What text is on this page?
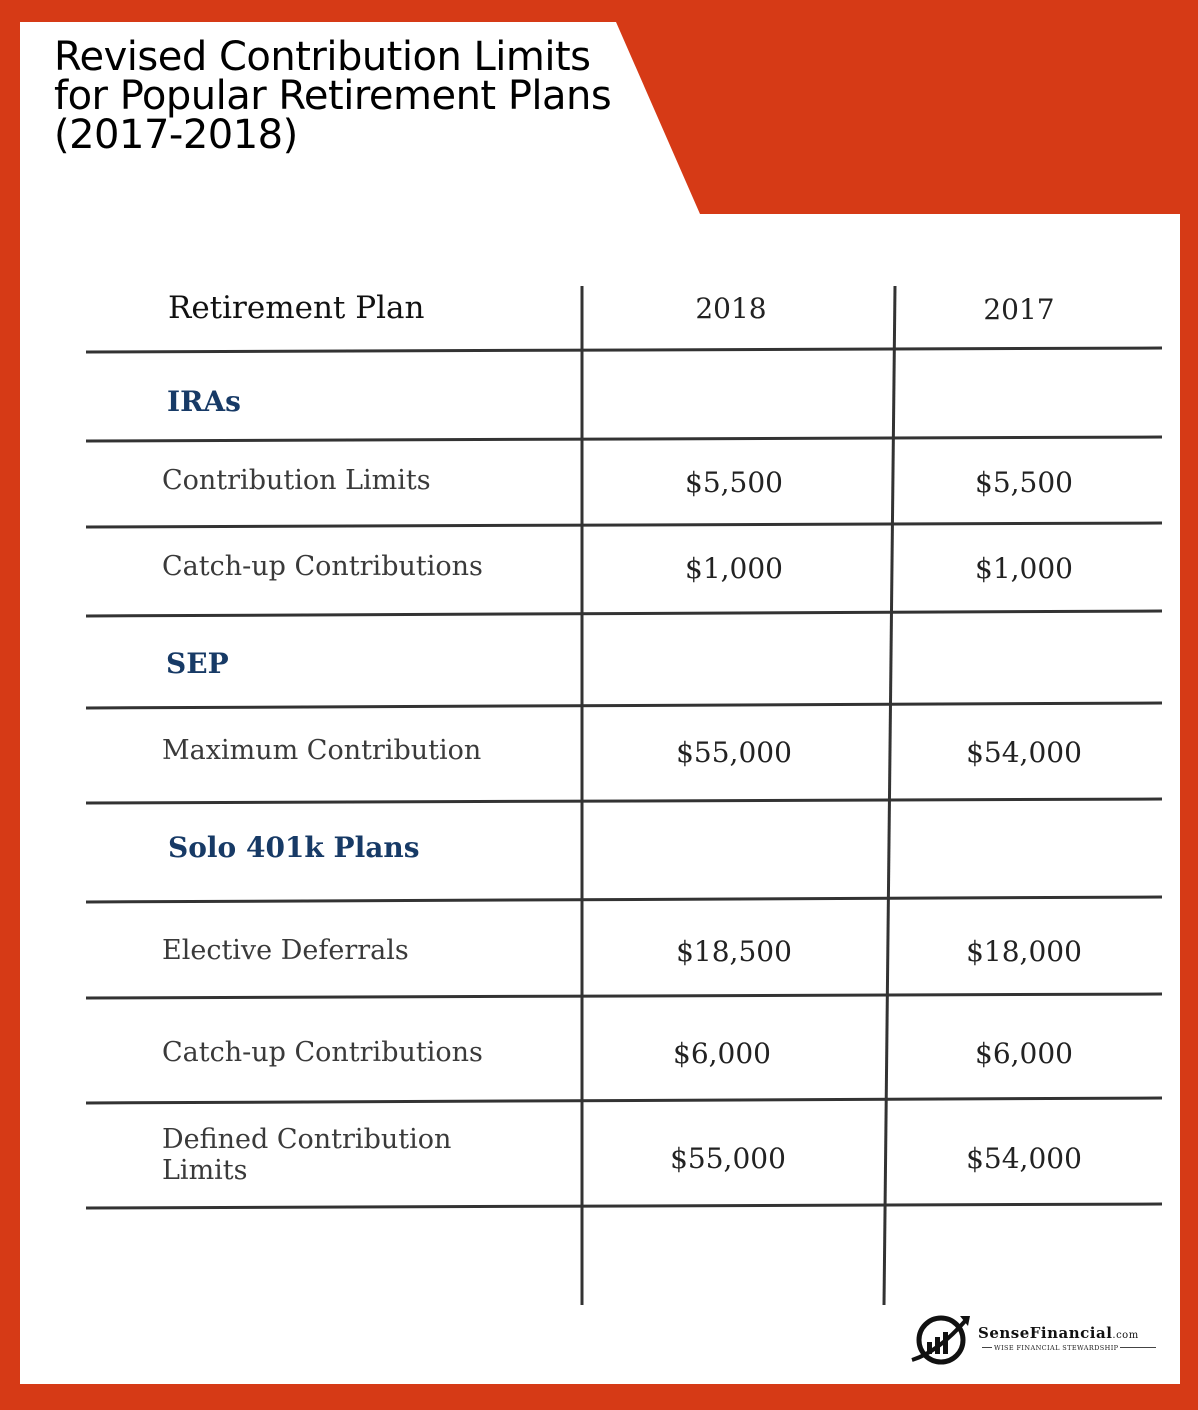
Revised Contribution Limits
for Popular Retirement Plans
(2017-2018)
Retirement Plan	2018	2017
IRAs
Contribution Limits	$5,500	$5,500
Catch-up Contributions	$1,000	$1,000
SEP
Maximum Contribution	$55,000	$54,000
Solo 401k Plans
Elective Deferrals	$18,500	$18,000
Catch-up Contributions	$6,000	$6,000
Defined Contribution
Limits	$55,000	$54,000
SenseFinancial.com
WISE FINANCIAL STEWARDSHIP
